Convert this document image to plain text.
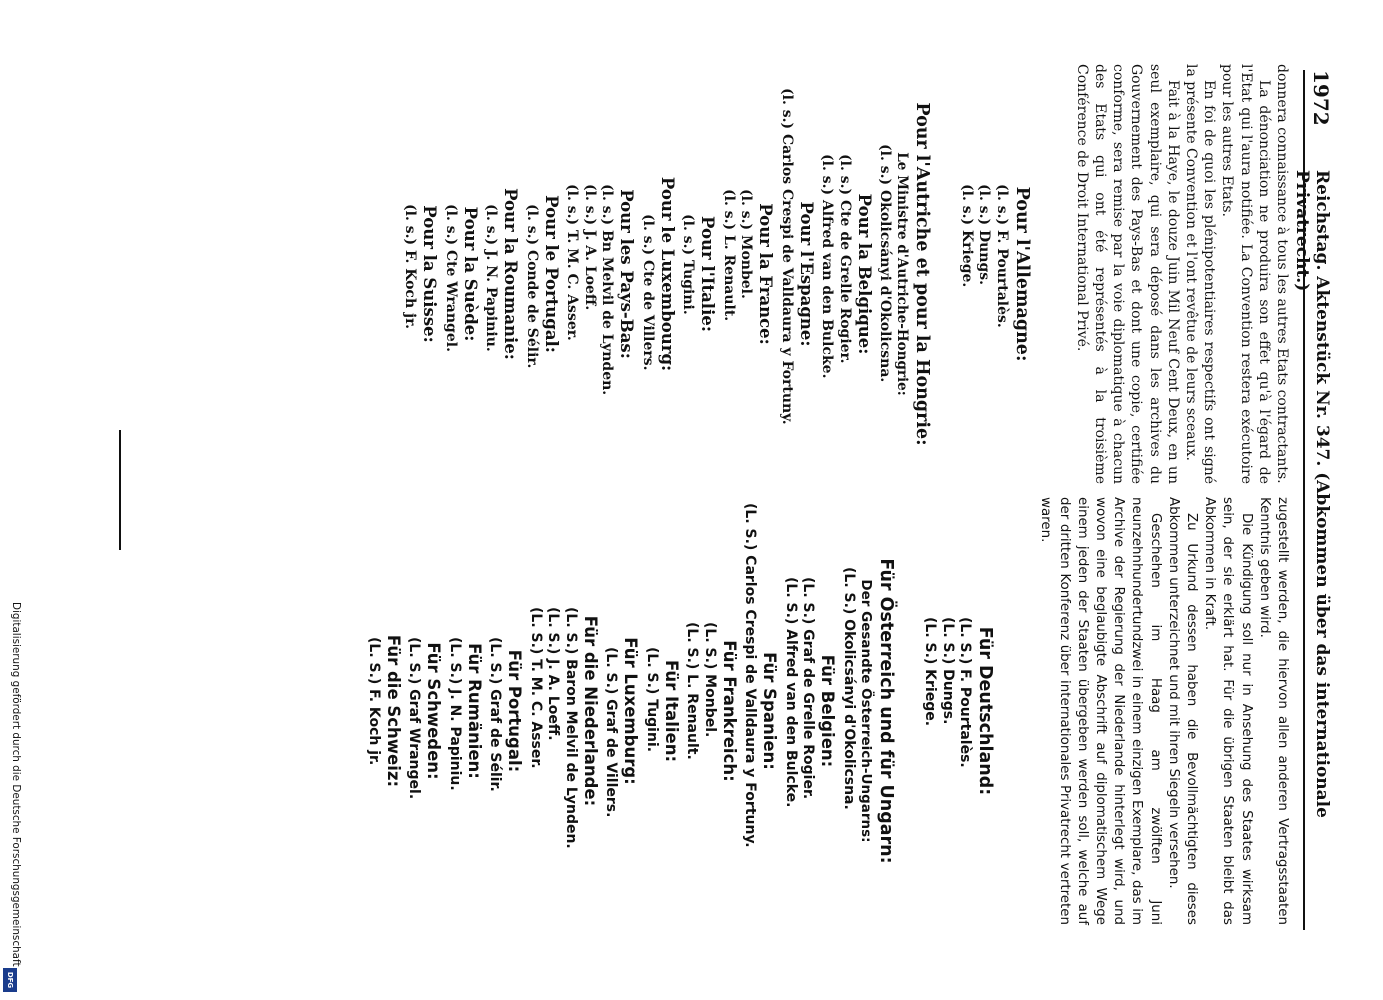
1972
Reichstag. Aktenstück Nr. 347. (Abkommen über das internationale Privatrecht.)

donnera connaissance à tous les autres Etats contractants.

La dénonciation ne produira son effet qu'à l'égard de l'Etat qui l'aura notifiée. La Convention restera exécutoire pour les autres Etats.

En foi de quoi les plénipotentiaires respectifs ont signé la présente Convention et l'ont revêtue de leurs sceaux.

Fait à la Haye, le douze Juin Mil Neuf Cent Deux, en un seul exemplaire, qui sera déposé dans les archives du Gouvernement des Pays-Bas et dont une copie, certifiée conforme, sera remise par la voie diplomatique à chacun des Etats qui ont été représentés à la troisième Conférence de Droit International Privé.

Pour l'Allemagne:
(l. s.) F. Pourtalès.
(l. s.) Dungs.
(l. s.) Kriege.
Pour l'Autriche et pour la Hongrie:
Le Ministre d'Autriche-Hongrie:
(l. s.) Okolicsányi d'Okolicsna.
Pour la Belgique:
(l. s.) Cte de Grelle Rogier.
(l. s.) Alfred van den Bulcke.
Pour l'Espagne:
(l. s.) Carlos Crespi de Valldaura y Fortuny.
Pour la France:
(l. s.) Monbel.
(l. s.) L. Renault.
Pour l'Italie:
(l. s.) Tugini.
Pour le Luxembourg:
(l. s.) Cte de Villers.
Pour les Pays-Bas:
(l. s.) Bn Melvil de Lynden.
(l. s.) J. A. Loeff.
(l. s.) T. M. C. Asser.
Pour le Portugal:
(l. s.) Conde de Sélir.
Pour la Roumanie:
(l. s.) J. N. Papiniu.
Pour la Suède:
(l. s.) Cte Wrangel.
Pour la Suisse:
(l. s.) F. Koch jr.

zugestellt werden, die hiervon allen anderen Vertragsstaaten Kenntnis geben wird.

Die Kündigung soll nur in Ansehung des Staates wirksam sein, der sie erklärt hat. Für die übrigen Staaten bleibt das Abkommen in Kraft.

Zu Urkund dessen haben die Bevollmächtigten dieses Abkommen unterzeichnet und mit ihren Siegeln versehen.

Geschehen im Haag am zwölften Juni neunzehnhundertundzwei in einem einzigen Exemplare, das im Archive der Regierung der Niederlande hinterlegt wird, und wovon eine beglaubigte Abschrift auf diplomatischem Wege einem jeden der Staaten übergeben werden soll, welche auf der dritten Konferenz über internationales Privatrecht vertreten waren.

Für Deutschland:
(L. S.) F. Pourtalès.
(L. S.) Dungs.
(L. S.) Kriege.
Für Österreich und für Ungarn:
Der Gesandte Österreich-Ungarns:
(L. S.) Okolicsányi d'Okolicsna.
Für Belgien:
(L. S.) Graf de Grelle Rogier.
(L. S.) Alfred van den Bulcke.
Für Spanien:
(L. S.) Carlos Crespi de Valldaura y Fortuny.
Für Frankreich:
(L. S.) Monbel.
(L. S.) L. Renault.
Für Italien:
(L. S.) Tugini.
Für Luxemburg:
(L. S.) Graf de Villers.
Für die Niederlande:
(L. S.) Baron Melvil de Lynden.
(L. S.) J. A. Loeff.
(L. S.) T. M. C. Asser.
Für Portugal:
(L. S.) Graf de Sélir.
Für Rumänien:
(L. S.) J. N. Papiniu.
Für Schweden:
(L. S.) Graf Wrangel.
Für die Schweiz:
(L. S.) F. Koch jr.
Digitalisierung gefördert durch die Deutsche Forschungsgemeinschaft
DFG
